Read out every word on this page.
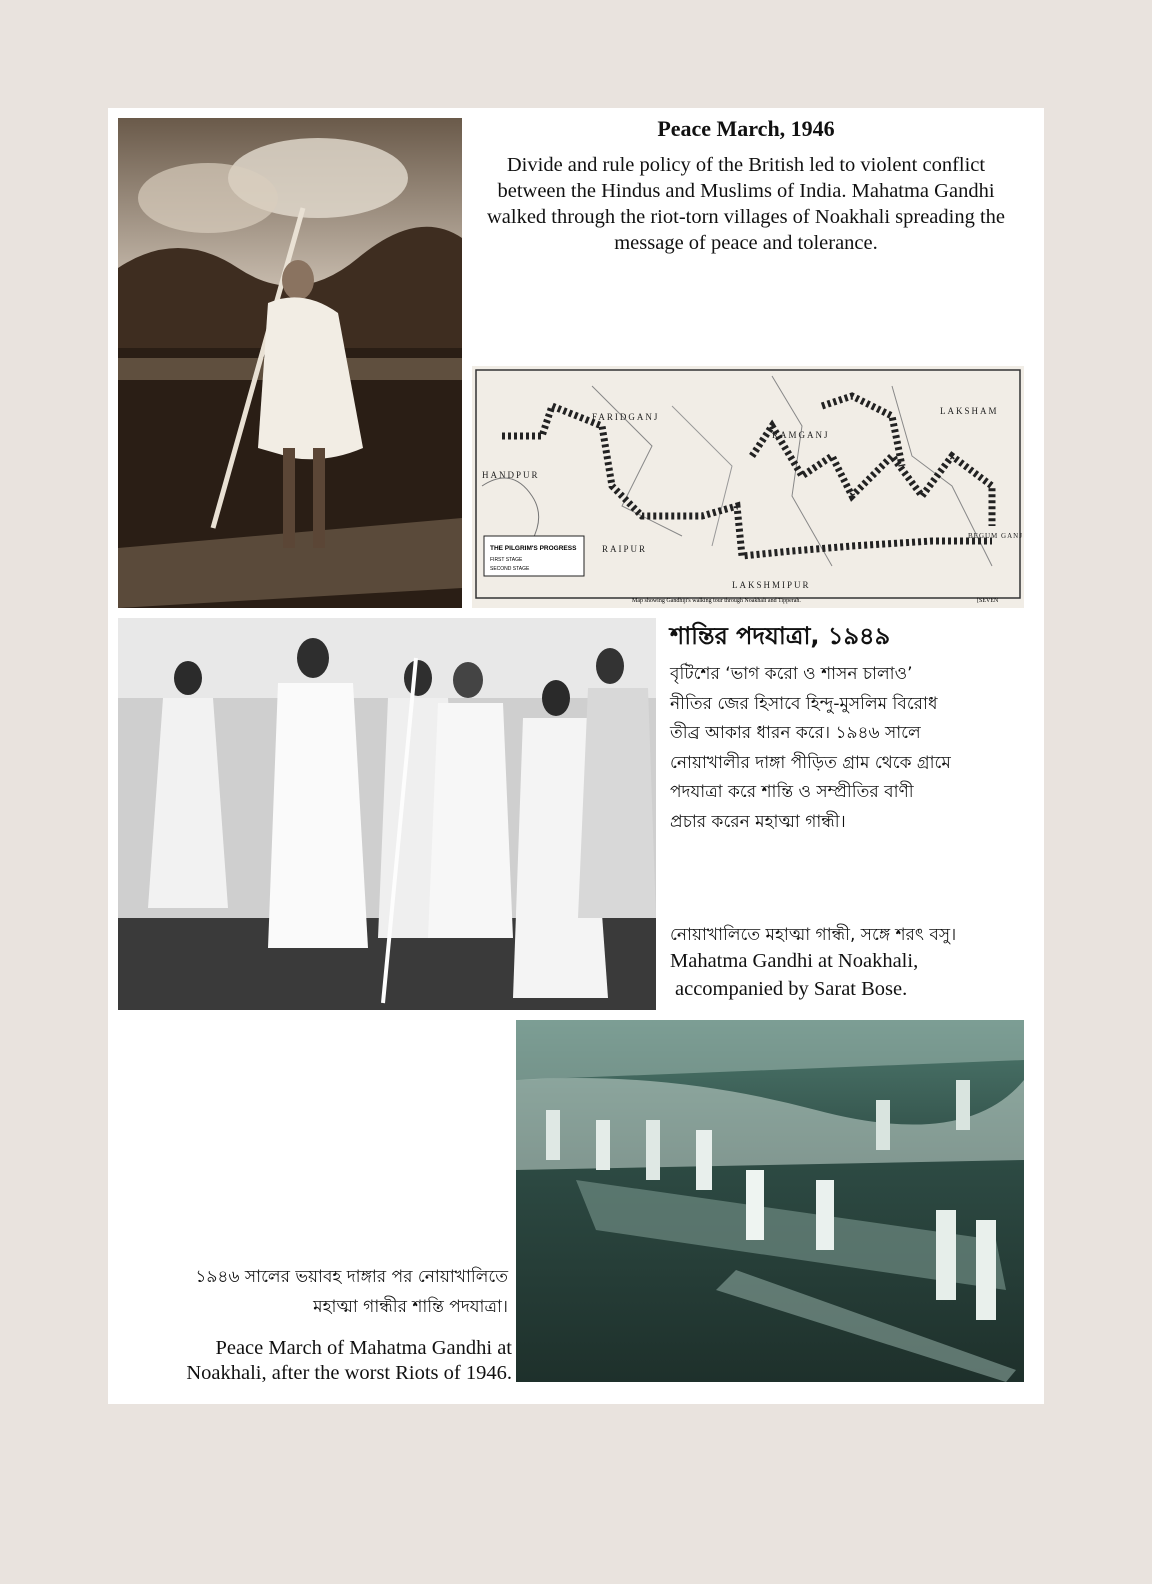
Peace March, 1946
Divide and rule policy of the British led to violent conflict between the Hindus and Muslims of India. Mahatma Gandhi walked through the riot-torn villages of Noakhali spreading the message of peace and tolerance.
FARIDGANJ
RAMGANJ
LAKSHAM
RAIPUR
LAKSHMIPUR
HANDPUR
BEGUM GANJ
THE PILGRIM'S PROGRESS
FIRST STAGE
SECOND STAGE
Map showing Gandhiji's walking tour through Noakhali and Tipperah.	[SEVEN
শান্তির পদযাত্রা, ১৯৪৯
বৃটিশের ‘ভাগ করো ও শাসন চালাও’
নীতির জের হিসাবে হিন্দু-মুসলিম বিরোধ
তীব্র আকার ধারন করে। ১৯৪৬ সালে
নোয়াখালীর দাঙ্গা পীড়িত গ্রাম থেকে গ্রামে
পদযাত্রা করে শান্তি ও সম্প্রীতির বাণী
প্রচার করেন মহাত্মা গান্ধী।
নোয়াখালিতে মহাত্মা গান্ধী, সঙ্গে শরৎ বসু।
Mahatma Gandhi at Noakhali,
accompanied by Sarat Bose.
১৯৪৬ সালের ভয়াবহ দাঙ্গার পর নোয়াখালিতে
মহাত্মা গান্ধীর শান্তি পদযাত্রা।
Peace March of Mahatma Gandhi at
Noakhali, after the worst Riots of 1946.
